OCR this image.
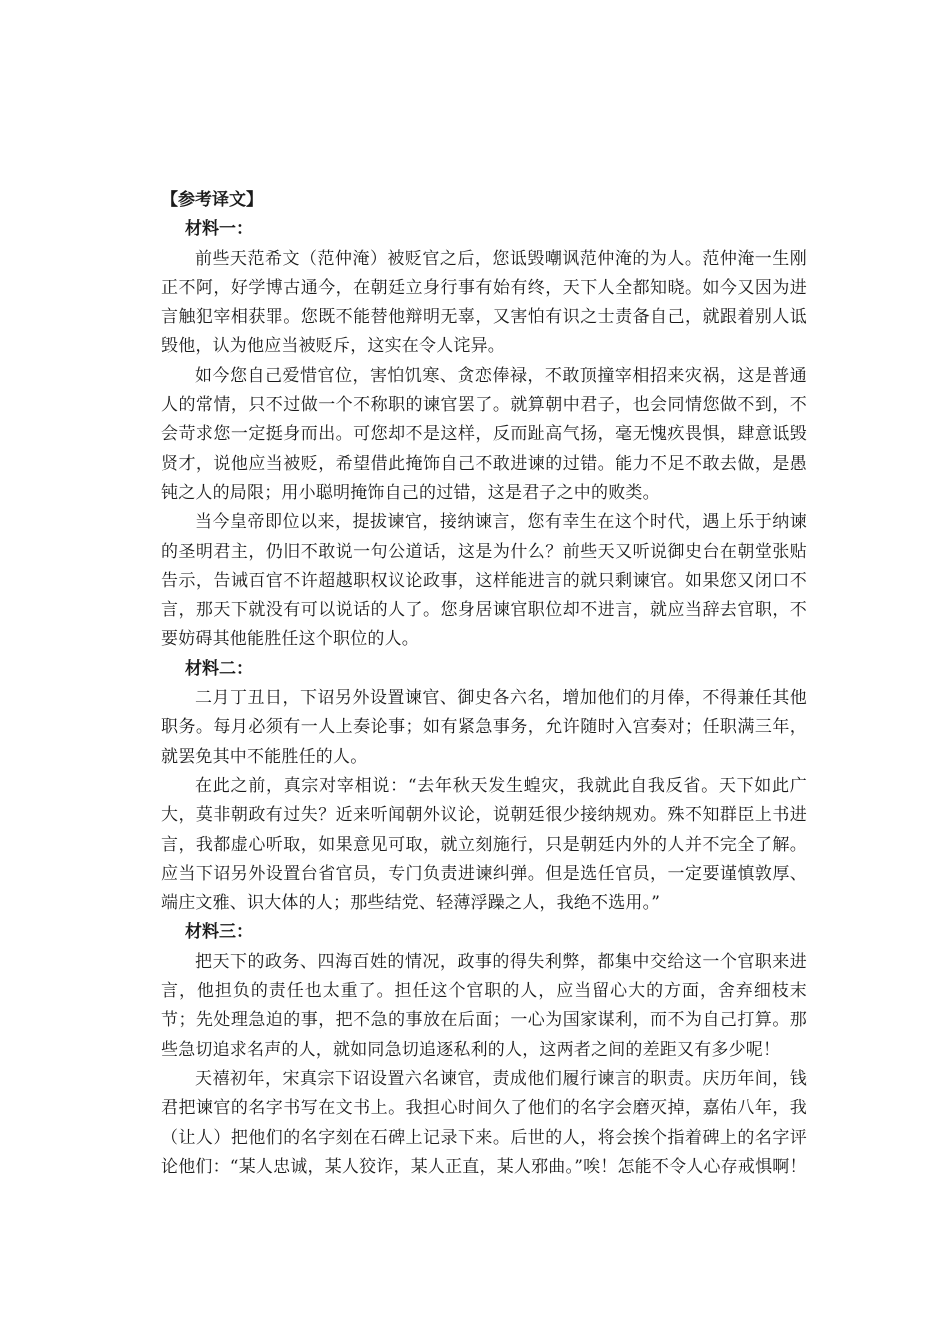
【参考译文】

材料一：

前些天范希文（范仲淹）被贬官之后，您诋毁嘲讽范仲淹的为人。范仲淹一生刚正不阿，好学博古通今，在朝廷立身行事有始有终，天下人全都知晓。如今又因为进言触犯宰相获罪。您既不能替他辩明无辜，又害怕有识之士责备自己，就跟着别人诋毁他，认为他应当被贬斥，这实在令人诧异。

如今您自己爱惜官位，害怕饥寒、贪恋俸禄，不敢顶撞宰相招来灾祸，这是普通人的常情，只不过做一个不称职的谏官罢了。就算朝中君子，也会同情您做不到，不会苛求您一定挺身而出。可您却不是这样，反而趾高气扬，毫无愧疚畏惧，肆意诋毁贤才，说他应当被贬，希望借此掩饰自己不敢进谏的过错。能力不足不敢去做，是愚钝之人的局限；用小聪明掩饰自己的过错，这是君子之中的败类。

当今皇帝即位以来，提拔谏官，接纳谏言，您有幸生在这个时代，遇上乐于纳谏的圣明君主，仍旧不敢说一句公道话，这是为什么？前些天又听说御史台在朝堂张贴告示，告诫百官不许超越职权议论政事，这样能进言的就只剩谏官。如果您又闭口不言，那天下就没有可以说话的人了。您身居谏官职位却不进言，就应当辞去官职，不要妨碍其他能胜任这个职位的人。

材料二：

二月丁丑日，下诏另外设置谏官、御史各六名，增加他们的月俸，不得兼任其他职务。每月必须有一人上奏论事；如有紧急事务，允许随时入宫奏对；任职满三年，就罢免其中不能胜任的人。

在此之前，真宗对宰相说：“去年秋天发生蝗灾，我就此自我反省。天下如此广大，莫非朝政有过失？近来听闻朝外议论，说朝廷很少接纳规劝。殊不知群臣上书进言，我都虚心听取，如果意见可取，就立刻施行，只是朝廷内外的人并不完全了解。应当下诏另外设置台省官员，专门负责进谏纠弹。但是选任官员，一定要谨慎敦厚、端庄文雅、识大体的人；那些结党、轻薄浮躁之人，我绝不选用。”

材料三：

把天下的政务、四海百姓的情况，政事的得失利弊，都集中交给这一个官职来进言，他担负的责任也太重了。担任这个官职的人，应当留心大的方面，舍弃细枝末节；先处理急迫的事，把不急的事放在后面；一心为国家谋利，而不为自己打算。那些急切追求名声的人，就如同急切追逐私利的人，这两者之间的差距又有多少呢！

天禧初年，宋真宗下诏设置六名谏官，责成他们履行谏言的职责。庆历年间，钱君把谏官的名字书写在文书上。我担心时间久了他们的名字会磨灭掉，嘉佑八年，我（让人）把他们的名字刻在石碑上记录下来。后世的人，将会挨个指着碑上的名字评论他们：“某人忠诚，某人狡诈，某人正直，某人邪曲。”唉！怎能不令人心存戒惧啊！
